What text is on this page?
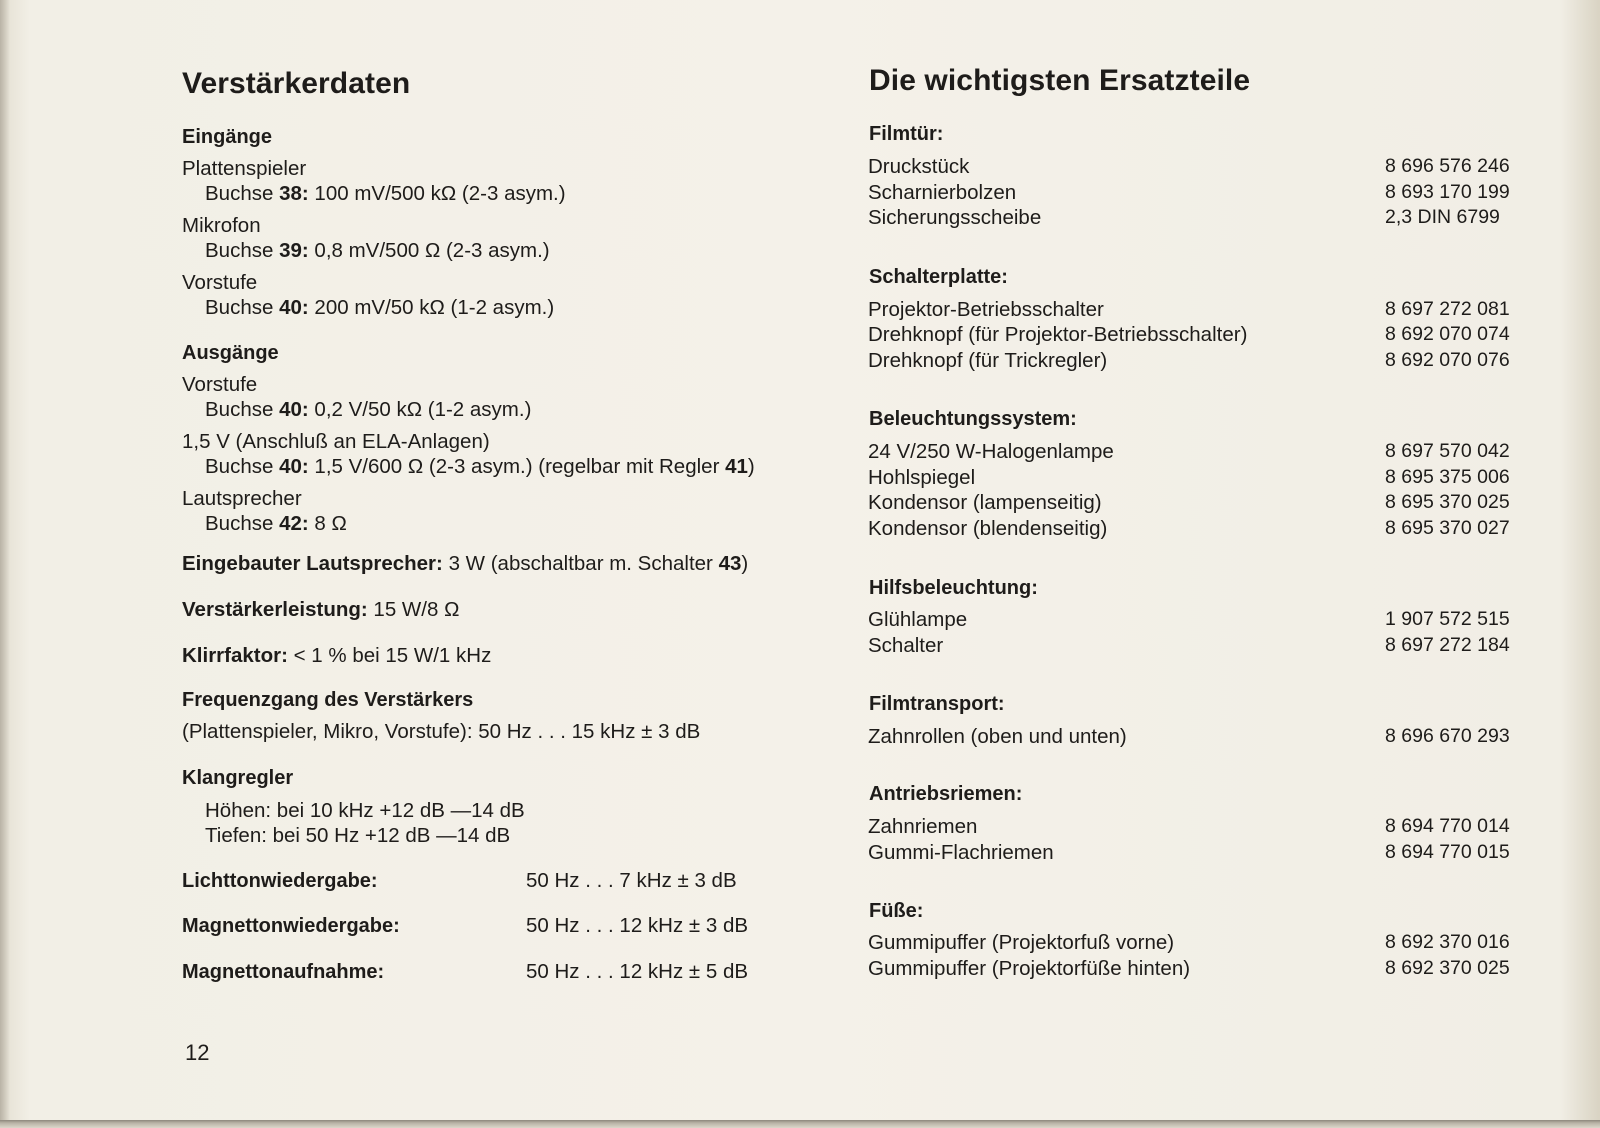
Verstärkerdaten
Eingänge
Plattenspieler
Buchse 38: 100 mV/500 kΩ (2-3 asym.)
Mikrofon
Buchse 39: 0,8 mV/500 Ω (2-3 asym.)
Vorstufe
Buchse 40: 200 mV/50 kΩ (1-2 asym.)
Ausgänge
Vorstufe
Buchse 40: 0,2 V/50 kΩ (1-2 asym.)
1,5 V (Anschluß an ELA-Anlagen)
Buchse 40: 1,5 V/600 Ω (2-3 asym.) (regelbar mit Regler 41)
Lautsprecher
Buchse 42: 8 Ω
Eingebauter Lautsprecher: 3 W (abschaltbar m. Schalter 43)
Verstärkerleistung: 15 W/8 Ω
Klirrfaktor: < 1 % bei 15 W/1 kHz
Frequenzgang des Verstärkers
(Plattenspieler, Mikro, Vorstufe): 50 Hz . . . 15 kHz ± 3 dB
Klangregler
Höhen: bei 10 kHz +12 dB —14 dB
Tiefen: bei 50 Hz +12 dB —14 dB
Lichttonwiedergabe:	50 Hz . . . 7 kHz ± 3 dB
Magnettonwiedergabe:	50 Hz . . . 12 kHz ± 3 dB
Magnettonaufnahme:	50 Hz . . . 12 kHz ± 5 dB
12
Die wichtigsten Ersatzteile
Filmtür:
Druckstück	8 696 576 246
Scharnierbolzen	8 693 170 199
Sicherungsscheibe	2,3 DIN 6799
Schalterplatte:
Projektor-Betriebsschalter	8 697 272 081
Drehknopf (für Projektor-Betriebsschalter)	8 692 070 074
Drehknopf (für Trickregler)	8 692 070 076
Beleuchtungssystem:
24 V/250 W-Halogenlampe	8 697 570 042
Hohlspiegel	8 695 375 006
Kondensor (lampenseitig)	8 695 370 025
Kondensor (blendenseitig)	8 695 370 027
Hilfsbeleuchtung:
Glühlampe	1 907 572 515
Schalter	8 697 272 184
Filmtransport:
Zahnrollen (oben und unten)	8 696 670 293
Antriebsriemen:
Zahnriemen	8 694 770 014
Gummi-Flachriemen	8 694 770 015
Füße:
Gummipuffer (Projektorfuß vorne)	8 692 370 016
Gummipuffer (Projektorfüße hinten)	8 692 370 025
